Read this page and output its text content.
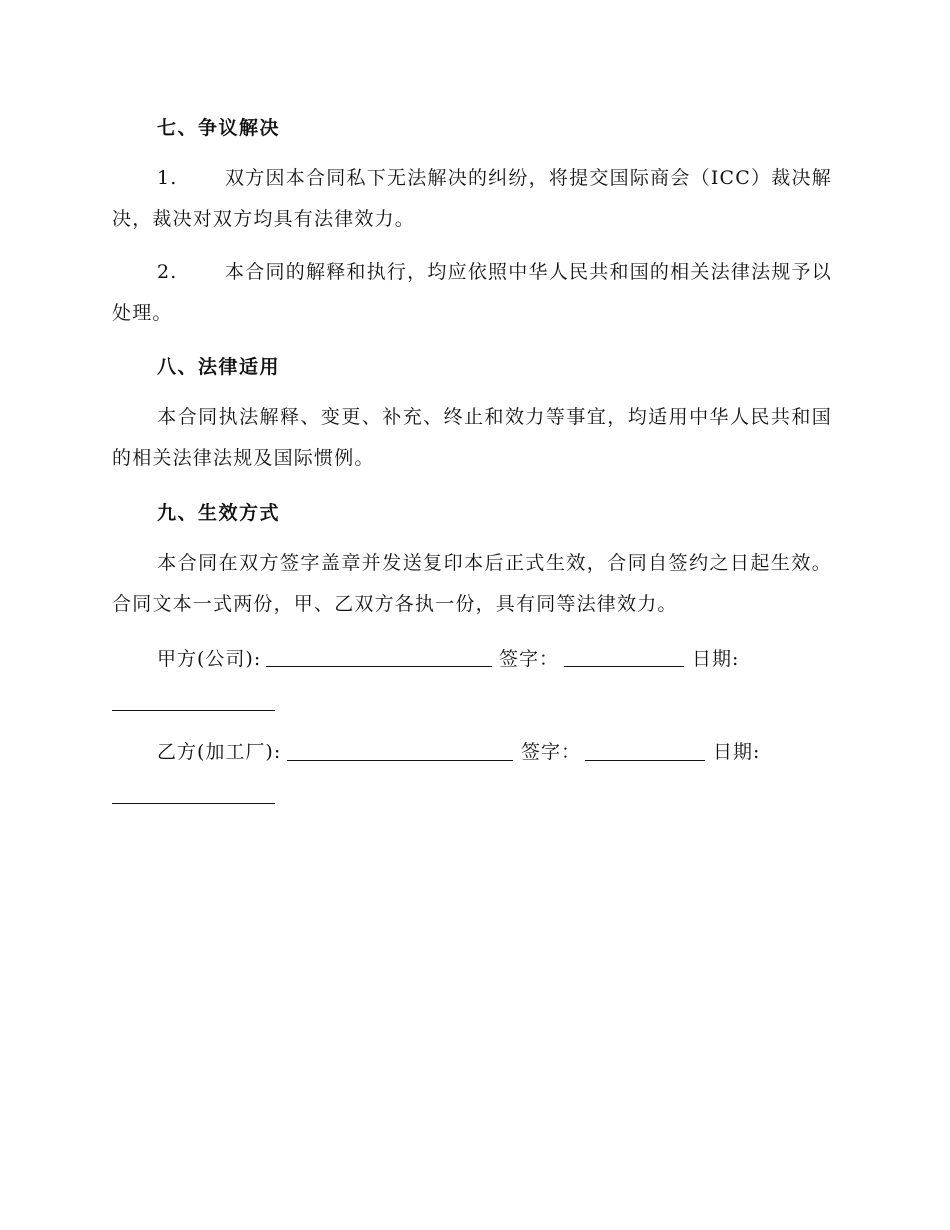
七、争议解决
1. 双方因本合同私下无法解决的纠纷，将提交国际商会（ICC）裁决解决，裁决对双方均具有法律效力。
2. 本合同的解释和执行，均应依照中华人民共和国的相关法律法规予以处理。
八、法律适用
本合同执法解释、变更、补充、终止和效力等事宜，均适用中华人民共和国的相关法律法规及国际惯例。
九、生效方式
本合同在双方签字盖章并发送复印本后正式生效，合同自签约之日起生效。合同文本一式两份，甲、乙双方各执一份，具有同等法律效力。
甲方(公司):	签字：	日期:
乙方(加工厂):	签字：	日期:
